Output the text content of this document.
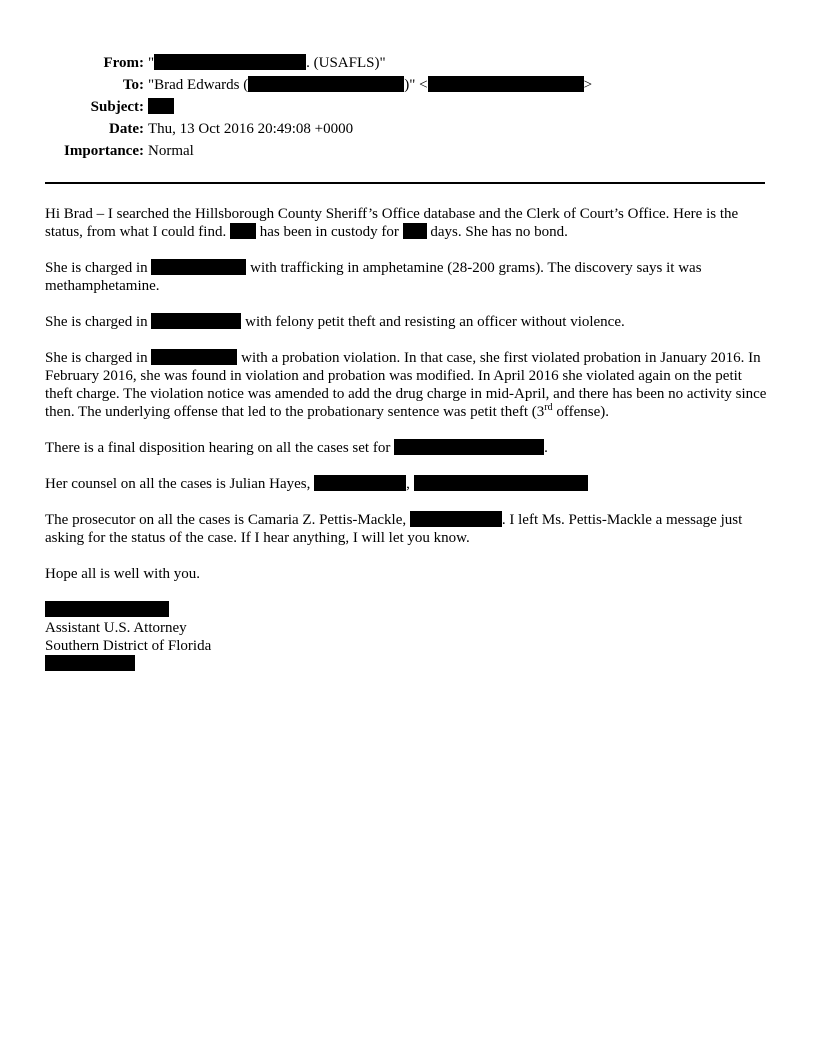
From: "	. (USAFLS)"
To: "Brad Edwards (	)" <	>
Subject:
Date: Thu, 13 Oct 2016 20:49:08 +0000
Importance: Normal

Hi Brad – I searched the Hillsborough County Sheriff’s Office database and the Clerk of Court’s Office. Here is the status, from what I could find.  has been in custody for  days. She has no bond.

She is charged in	with trafficking in amphetamine (28-200 grams). The discovery says it was methamphetamine.

She is charged in	with felony petit theft and resisting an officer without violence.

She is charged in	with a probation violation. In that case, she first violated probation in January 2016. In February 2016, she was found in violation and probation was modified. In April 2016 she violated again on the petit theft charge. The violation notice was amended to add the drug charge in mid-April, and there has been no activity since then. The underlying offense that led to the probationary sentence was petit theft (3rd offense).

There is a final disposition hearing on all the cases set for	.

Her counsel on all the cases is Julian Hayes,	,

The prosecutor on all the cases is Camaria Z. Pettis-Mackle,	. I left Ms. Pettis-Mackle a message just asking for the status of the case. If I hear anything, I will let you know.

Hope all is well with you.

Assistant U.S. Attorney
Southern District of Florida
